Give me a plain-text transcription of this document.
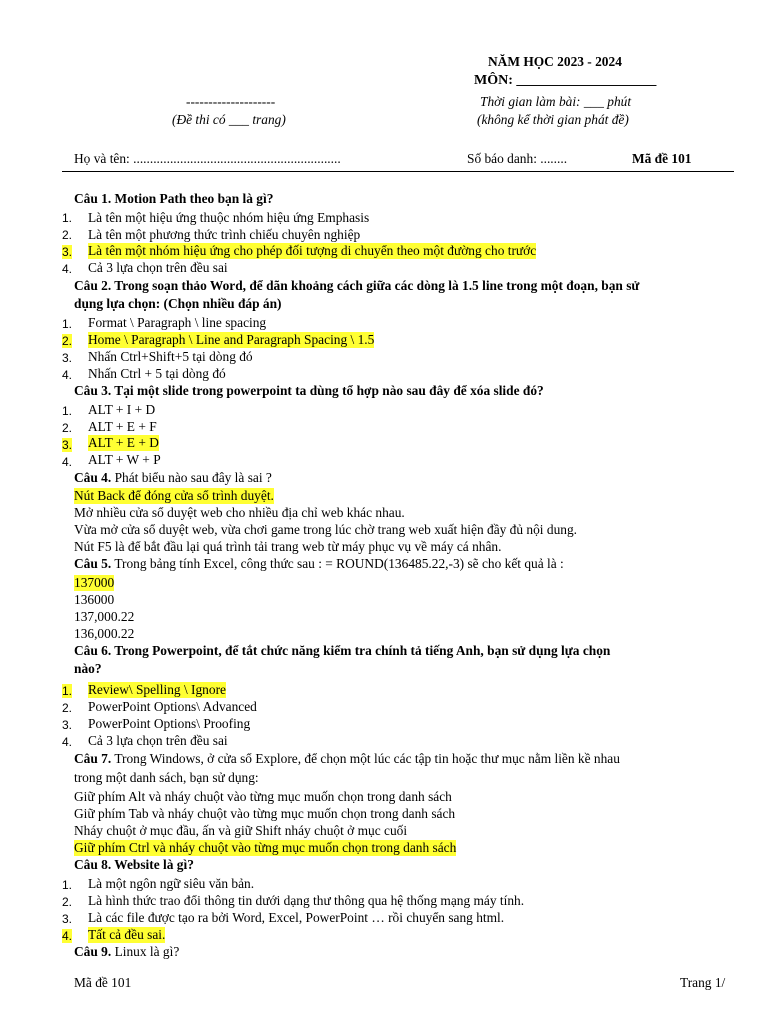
NĂM HỌC 2023 - 2024
MÔN: ____________________
--------------------	Thời gian làm bài: ___ phút
(Đề thi có ___ trang)	(không kể thời gian phát đề)
Họ và tên: ..............................................................	Số báo danh: ........	Mã đề 101
Câu 1. Motion Path theo bạn là gì?
1. Là tên một hiệu ứng thuộc nhóm hiệu ứng Emphasis
2. Là tên một phương thức trình chiếu chuyên nghiệp
3. Là tên một nhóm hiệu ứng cho phép đối tượng di chuyển theo một đường cho trước
4. Cả 3 lựa chọn trên đều sai
Câu 2. Trong soạn thảo Word, để dãn khoảng cách giữa các dòng là 1.5 line trong một đoạn, bạn sử
dụng lựa chọn: (Chọn nhiều đáp án)
1. Format \ Paragraph \ line spacing
2. Home \ Paragraph \ Line and Paragraph Spacing \ 1.5
3. Nhấn Ctrl+Shift+5 tại dòng đó
4. Nhấn Ctrl + 5 tại dòng đó
Câu 3. Tại một slide trong powerpoint ta dùng tổ hợp nào sau đây để xóa slide đó?
1. ALT + I + D
2. ALT + E + F
3. ALT + E + D
4. ALT + W + P
Câu 4. Phát biểu nào sau đây là sai ?
Nút Back để đóng cửa sổ trình duyệt.
Mở nhiều cửa sổ duyệt web cho nhiều địa chỉ web khác nhau.
Vừa mở cửa sổ duyệt web, vừa chơi game trong lúc chờ trang web xuất hiện đầy đủ nội dung.
Nút F5 là để bắt đầu lại quá trình tải trang web từ máy phục vụ về máy cá nhân.
Câu 5. Trong bảng tính Excel, công thức sau : = ROUND(136485.22,-3) sẽ cho kết quả là :
137000
136000
137,000.22
136,000.22
Câu 6. Trong Powerpoint, để tắt chức năng kiểm tra chính tả tiếng Anh, bạn sử dụng lựa chọn
nào?
1. Review\ Spelling \ Ignore
2. PowerPoint Options\ Advanced
3. PowerPoint Options\ Proofing
4. Cả 3 lựa chọn trên đều sai
Câu 7. Trong Windows, ở cửa sổ Explore, để chọn một lúc các tập tin hoặc thư mục nằm liền kề nhau
trong một danh sách, bạn sử dụng:
Giữ phím Alt và nháy chuột vào từng mục muốn chọn trong danh sách
Giữ phím Tab và nháy chuột vào từng mục muốn chọn trong danh sách
Nháy chuột ở mục đầu, ấn và giữ Shift nháy chuột ở mục cuối
Giữ phím Ctrl và nháy chuột vào từng mục muốn chọn trong danh sách
Câu 8. Website là gì?
1. Là một ngôn ngữ siêu văn bản.
2. Là hình thức trao đổi thông tin dưới dạng thư thông qua hệ thống mạng máy tính.
3. Là các file được tạo ra bởi Word, Excel, PowerPoint … rồi chuyển sang html.
4. Tất cả đều sai.
Câu 9. Linux là gì?
Mã đề 101	Trang 1/
